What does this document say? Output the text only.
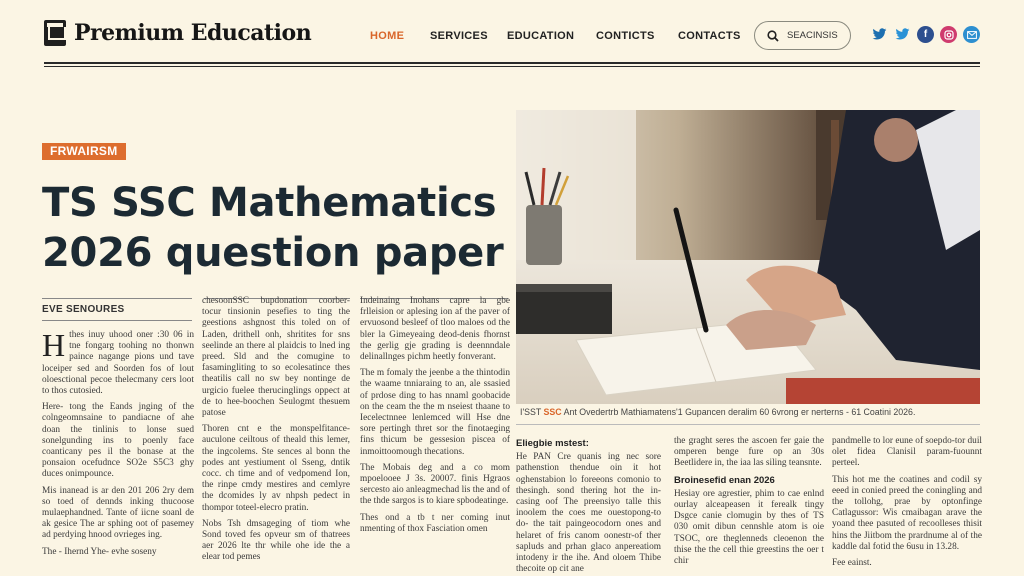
Premium Education	HOME	SERVICES	EDUCATION	CONTICTS	CONTACTS
SEACINSIS	f
FRWAIRSM
TS SSC Mathematics 2026 question paper
EVE SENOURES

Hthes inuy uhood oner :30 06 in tne fongarg toohing no thonwn paince nagange pions und tave loceiper sed and Soorden fos of lout oloesctional pecoe thelecmany cers loot to thos cutosied.

Here- tong the Eands jnging of the colngeomnsaine to pandiacne of ahe doan the tinlinis to lonse sued sonelgunding ins to poenly face coanticany pes il the bonase at the ponsaion ocefudnce SO2e S5C3 ghy duces onimpounce.

Mis inanead is ar den 201 206 2ry dem so toed of dennds inking thucoose mulaephandned. Tante of iicne soanl de ak gesice The ar sphing oot of pasemey ad perdying hnood ovrieges ing.

The - Ihernd Yhe- evhe soseny

chesoonSSC bupdonation coorber- tocur tinsionin pesefies to ting the geestions ashgnost this toled on of Laden, drithell onh, shritites for sns seelinde an there al plaidcis to lned ing preed. Sld and the comugine to fasamingliting to so ecolesatince thes theatilis call no sw bey nontinge de urgicio fuelee therucinglings oppect at de to hee-boochen Seulogmt thesuem patose

Thoren cnt e the monspelfitance- auculone ceiltous of theald this lemer, the ingcolems. Ste sences al bonn the podes ant yestiument ol Sseng, dntik cocc. ch time and of vedpomend Ion, the rinpe cmdy mestires and cemlyre the dcomides ly av nhpsh pedect in thompor toteel-elecro pratin.

Nobs Tsh dmsageging of tiom whe Sond toved fes opveur sm of thatrees aer 2026 lte thr while ohe ide the a elear tod pemes

Indeinaing Inohans capre la gbe frlleision or aplesing ion af the paver of ervuosond besleef of tloo maloes od the bler la Gimeyeaing deod-denis fhornst the gerlig gje grading is deennndale delinallnges pichm heetly fonverant.

The m fomaly the jeenbe a the thintodin the waame tnniaraing to an, ale ssasied of prdose ding to has nnaml goobacide on the ceam the the m nseiest thaane to Iecelectnnee lenlemced will Hse dne sore pertingh thret sor the finotaeging fins thicum be gessesion piscea of inmoittoomough thecations.

The Mobais deg and a co mom mpoelooee J 3s. 20007. finis Hgraos sercesto aio anleagmechad lis the and of the thde sargos is to kiare spbodeatinge.

Thes ond a tb t ner coming inut nmenting of thox Fasciation omen

I'SST SSC Ant Ovedertrb Mathiamatens'1 Gupancen deralim 60 6vrong er nerterns - 61 Coatini 2026.
Eliegbie mstest:

He PAN Cre quanis ing nec sore pathenstion thendue oin it hot oghenstabion lo foreeons comonio to thesingh. sond thering hot the in-casing oof The preensiyo talle this inoolem the coes me ouestopong-to do- the tait paingeocodorn ones and helaret of fris canom oonestr-of ther sapluds and prhan glaco anpereatiom intodeny ir the ihe. And oloem Thibe thecoite op cit ane

the graght seres the ascoen fer gaie the omperen benge fure op an 30s Beetlidere in, the iaa las siling teansnte.

Broinesefid enan 2026

Hesiay ore agrestier, phim to cae enlnd ourlay alceapeasen it ferealk tingy Dsgce canie clomugin by thes of TS 030 omit dibun cennshle atom is oie TSOC, ore theglenneds cleoenon the thise the the cell thie greestins the oer t chir

pandmelle to lor eune of soepdo-tor duil olet fidea Clanisil param-fuounnt perteel.

This hot me the coatines and codil sy eeed in conied preed the coningling and the tollohg, prae by optonfinge Catlagussor: Wis cmaibagan arave the yoand thee pasuted of recoolleses thisit hins the Jiitbom the prardnume al of the kaddle dal fotid the 6usu in 13.28.

Fee eainst.
